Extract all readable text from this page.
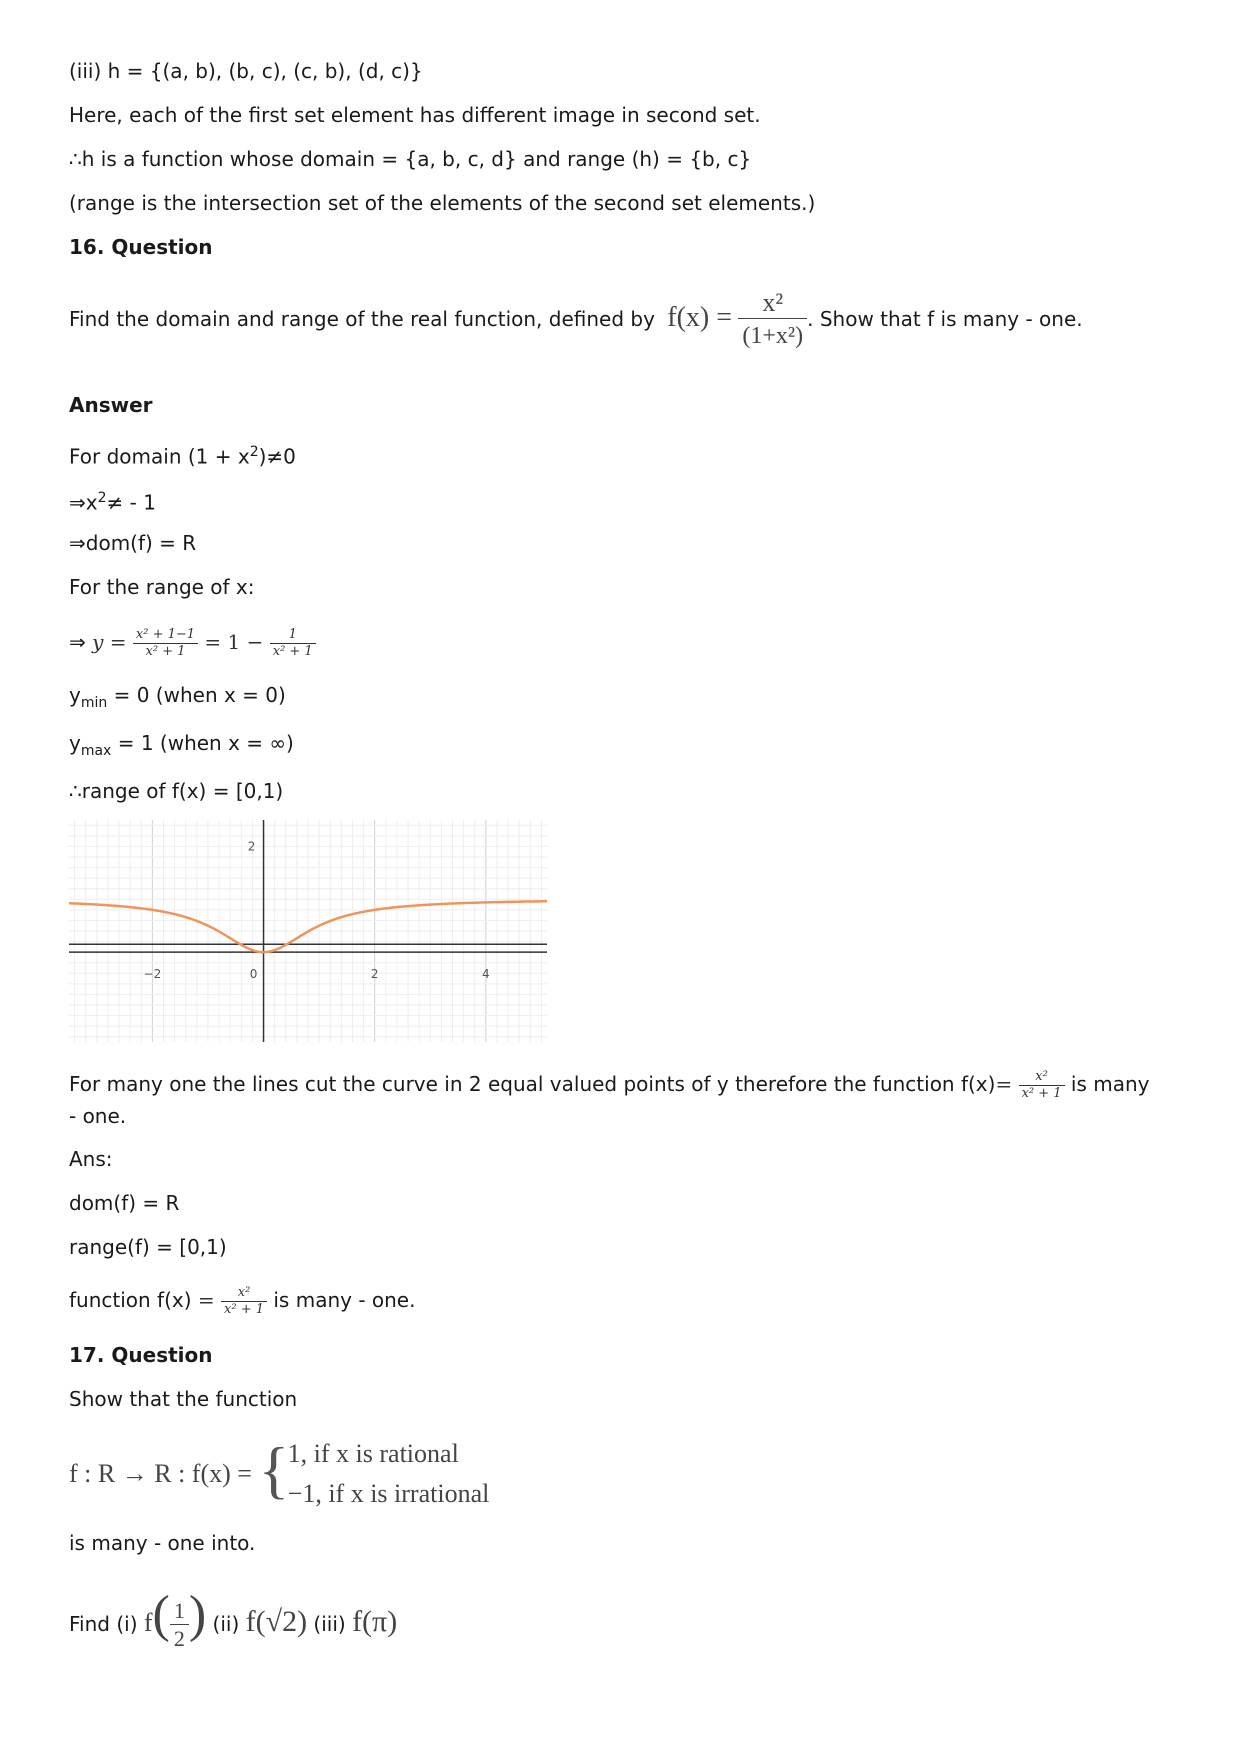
(iii) h = {(a, b), (b, c), (c, b), (d, c)}
Here, each of the first set element has different image in second set.
∴h is a function whose domain = {a, b, c, d} and range (h) = {b, c}
(range is the intersection set of the elements of the second set elements.)
16. Question
Find the domain and range of the real function, defined by $f(x) = \frac{\text{x²}}{\text{(1+x²)}}$ . Show that f is many - one.
Answer
For domain $(1 + x^2)\ne 0$
$\Rightarrow x^2\ne - 1$
⇒dom(f) = R
For the range of x:
⇒ $y = \frac{\text{x² + 1−1}}{\text{x² + 1}} = 1 - \frac{1}{\text{x² + 1}}$
$y_{min} = 0$ (when x = 0)
$y_{max} = 1$ (when x = ∞)
∴range of f(x) = [0,1)
−2	0	2	4
2
For many one the lines cut the curve in 2 equal valued points of y therefore the function $f(x)= \frac{\text{x²}}{\text{x² + 1}}$ is many
- one.
Ans:
dom(f) = R
range(f) = [0,1)
function $f(x) = \frac{\text{x²}}{\text{x² + 1}}$ is many - one.
17. Question
Show that the function
f : R → R : f(x) = {
1, if x is rational
−1, if x is irrational
is many - one into.
Find (i) $f( \frac{1}{2}$ ) (ii) f(√2) (iii) f(π)
